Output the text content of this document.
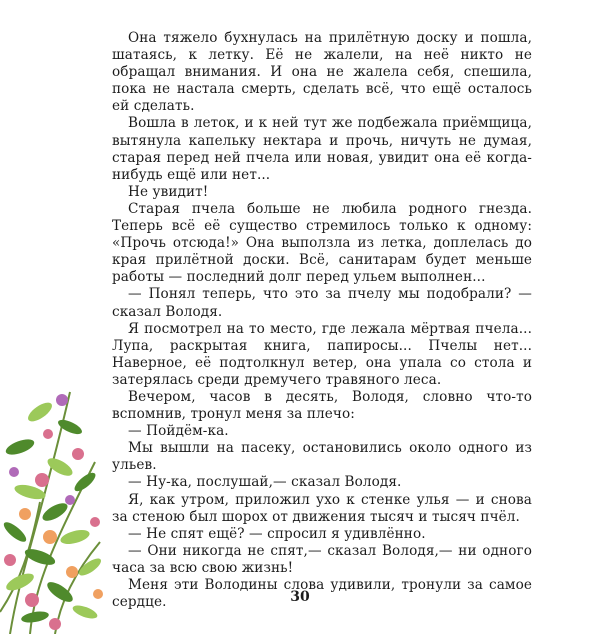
Она тяжело бухнулась на прилётную доску и пошла, шатаясь, к летку. Её не жалели, на неё никто не обращал внимания. И она не жалела себя, спешила, пока не настала смерть, сделать всё, что ещё осталось ей сделать.

Вошла в леток, и к ней тут же подбежала приёмщица, вытянула капельку нектара и прочь, ничуть не думая, старая перед ней пчела или новая, увидит она её когда-нибудь ещё или нет...

Не увидит!

Старая пчела больше не любила родного гнезда. Теперь всё её существо стремилось только к одному: «Прочь отсюда!» Она выползла из летка, доплелась до края прилётной доски. Всё, санитарам будет меньше работы — последний долг перед ульем выполнен...

— Понял теперь, что это за пчелу мы подобрали? — сказал Володя.

Я посмотрел на то место, где лежала мёртвая пчела... Лупа, раскрытая книга, папиросы... Пчелы нет... Наверное, её подтолкнул ветер, она упала со стола и затерялась среди дремучего травяного леса.

Вечером, часов в десять, Володя, словно что-то вспомнив, тронул меня за плечо:

— Пойдём-ка.

Мы вышли на пасеку, остановились около одного из ульев.

— Ну-ка, послушай,— сказал Володя.

Я, как утром, приложил ухо к стенке улья — и снова за стеною был шорох от движения тысяч и тысяч пчёл.

— Не спят ещё? — спросил я удивлённо.

— Они никогда не спят,— сказал Володя,— ни одного часа за всю свою жизнь!

Меня эти Володины слова удивили, тронули за самое сердце.	30
